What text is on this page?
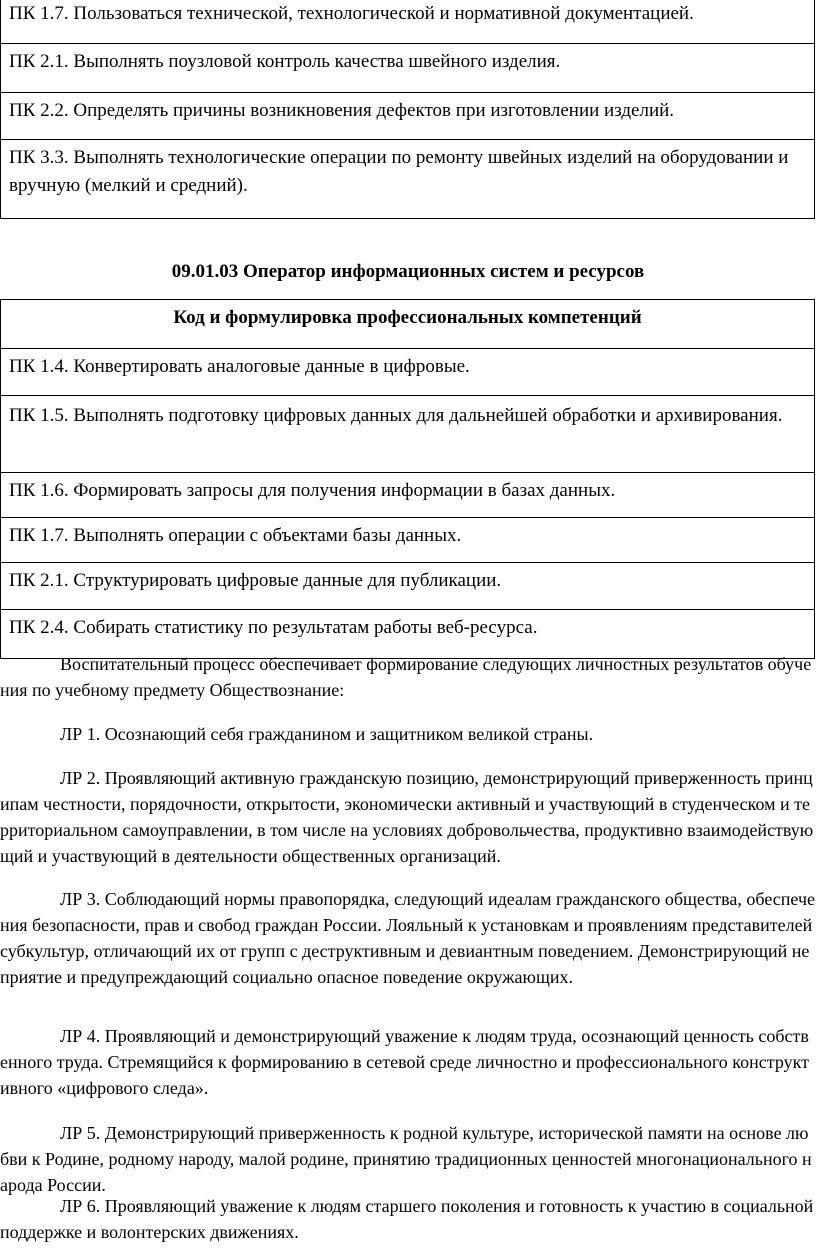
ПК 1.7. Пользоваться технической, технологической и нормативной документацией.
ПК 2.1. Выполнять поузловой контроль качества швейного изделия.
ПК 2.2. Определять причины возникновения дефектов при изготовлении изделий.
ПК 3.3. Выполнять технологические операции по ремонту швейных изделий на оборудовании и вручную (мелкий и средний).
09.01.03 Оператор информационных систем и ресурсов
Код и формулировка профессиональных компетенций
ПК 1.4. Конвертировать аналоговые данные в цифровые.
ПК 1.5. Выполнять подготовку цифровых данных для дальнейшей обработки и архивирования.
ПК 1.6. Формировать запросы для получения информации в базах данных.
ПК 1.7. Выполнять операции с объектами базы данных.
ПК 2.1. Структурировать цифровые данные для публикации.
ПК 2.4. Собирать статистику по результатам работы веб-ресурса.

Воспитательный процесс обеспечивает формирование следующих личностных результатов обучения по учебному предмету Обществознание:

ЛР 1. Осознающий себя гражданином и защитником великой страны.

ЛР 2. Проявляющий активную гражданскую позицию, демонстрирующий приверженность принципам честности, порядочности, открытости, экономически активный и участвующий в студенческом и территориальном самоуправлении, в том числе на условиях добровольчества, продуктивно взаимодействующий и участвующий в деятельности общественных организаций.

ЛР 3. Соблюдающий нормы правопорядка, следующий идеалам гражданского общества, обеспечения безопасности, прав и свобод граждан России. Лояльный к установкам и проявлениям представителей субкультур, отличающий их от групп с деструктивным и девиантным поведением. Демонстрирующий неприятие и предупреждающий социально опасное поведение окружающих.

ЛР 4. Проявляющий и демонстрирующий уважение к людям труда, осознающий ценность собственного труда. Стремящийся к формированию в сетевой среде личностно и профессионального конструктивного «цифрового следа».

ЛР 5. Демонстрирующий приверженность к родной культуре, исторической памяти на основе любви к Родине, родному народу, малой родине, принятию традиционных ценностей многонационального народа России.

ЛР 6. Проявляющий уважение к людям старшего поколения и готовность к участию в социальной поддержке и волонтерских движениях.
